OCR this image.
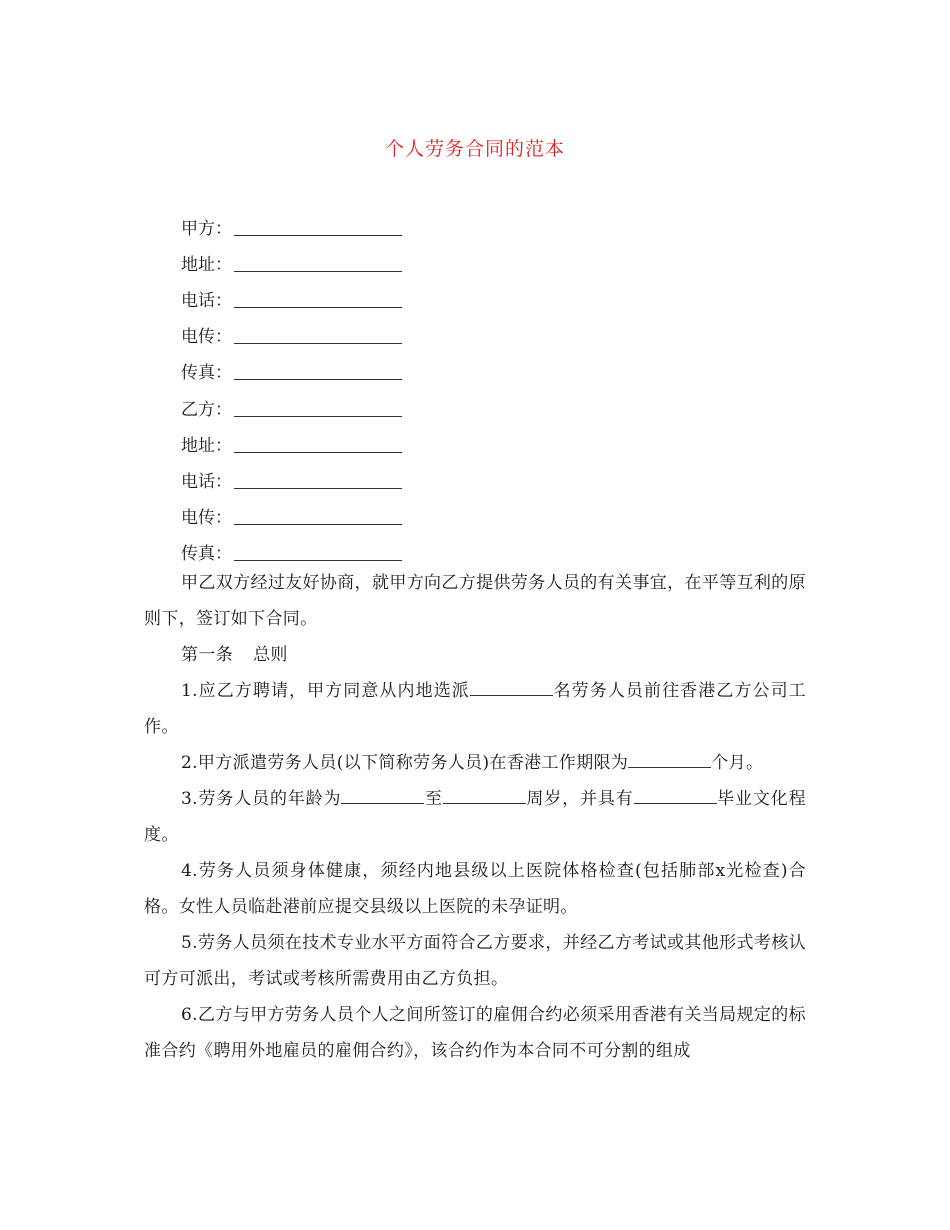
个人劳务合同的范本
甲方：
地址：
电话：
电传：
传真：
乙方：
地址：
电话：
电传：
传真：

甲乙双方经过友好协商，就甲方向乙方提供劳务人员的有关事宜，在平等互利的原则下，签订如下合同。

第一条 总则

1.应乙方聘请，甲方同意从内地选派	名劳务人员前往香港乙方公司工作。

2.甲方派遣劳务人员(以下简称劳务人员)在香港工作期限为	个月。

3.劳务人员的年龄为	至	周岁，并具有	毕业文化程度。

4.劳务人员须身体健康，须经内地县级以上医院体格检查(包括肺部x光检查)合格。女性人员临赴港前应提交县级以上医院的未孕证明。

5.劳务人员须在技术专业水平方面符合乙方要求，并经乙方考试或其他形式考核认可方可派出，考试或考核所需费用由乙方负担。

6.乙方与甲方劳务人员个人之间所签订的雇佣合约必须采用香港有关当局规定的标准合约《聘用外地雇员的雇佣合约》，该合约作为本合同不可分割的组成
